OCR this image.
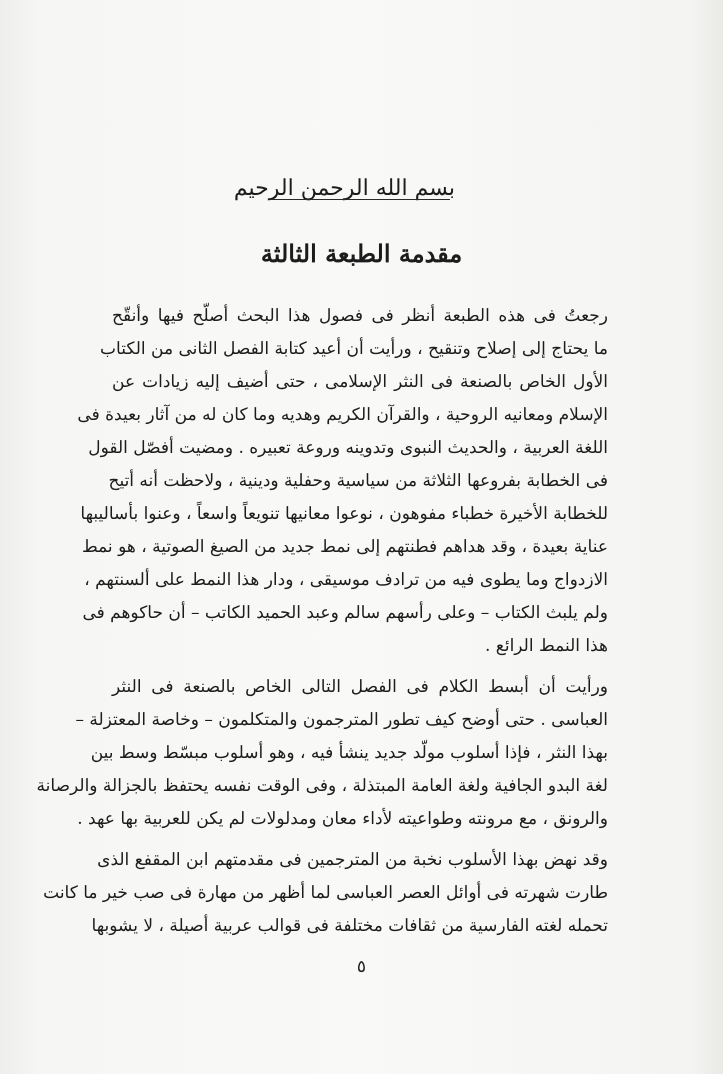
بسم الله الرحمن الرحيم
مقدمة الطبعة الثالثة
رجعتُ فى هذه الطبعة أنظر فى فصول هذا البحث أصلّح فيها وأنقّح
ما يحتاج إلى إصلاح وتنقيح ، ورأيت أن أعيد كتابة الفصل الثانى من الكتاب
الأول الخاص بالصنعة فى النثر الإسلامى ، حتى أضيف إليه زيادات عن
الإسلام ومعانيه الروحية ، والقرآن الكريم وهديه وما كان له من آثار بعيدة فى
اللغة العربية ، والحديث النبوى وتدوينه وروعة تعبيره . ومضيت أفصّل القول
فى الخطابة بفروعها الثلاثة من سياسية وحفلية ودينية ، ولاحظت أنه أتيح
للخطابة الأخيرة خطباء مفوهون ، نوعوا معانيها تنويعاً واسعاً ، وعنوا بأساليبها
عناية بعيدة ، وقد هداهم فطنتهم إلى نمط جديد من الصيغ الصوتية ، هو نمط
الازدواج وما يطوى فيه من ترادف موسيقى ، ودار هذا النمط على ألسنتهم ،
ولم يلبث الكتاب – وعلى رأسهم سالم وعبد الحميد الكاتب – أن حاكوهم فى
هذا النمط الرائع .
ورأيت أن أبسط الكلام فى الفصل التالى الخاص بالصنعة فى النثر
العباسى . حتى أوضح كيف تطور المترجمون والمتكلمون – وخاصة المعتزلة –
بهذا النثر ، فإذا أسلوب مولّد جديد ينشأ فيه ، وهو أسلوب مبسّط وسط بين
لغة البدو الجافية ولغة العامة المبتذلة ، وفى الوقت نفسه يحتفظ بالجزالة والرصانة
والرونق ، مع مرونته وطواعيته لأداء معان ومدلولات لم يكن للعربية بها عهد .
وقد نهض بهذا الأسلوب نخبة من المترجمين فى مقدمتهم ابن المقفع الذى
طارت شهرته فى أوائل العصر العباسى لما أظهر من مهارة فى صب خير ما كانت
تحمله لغته الفارسية من ثقافات مختلفة فى قوالب عربية أصيلة ، لا يشوبها
٥
